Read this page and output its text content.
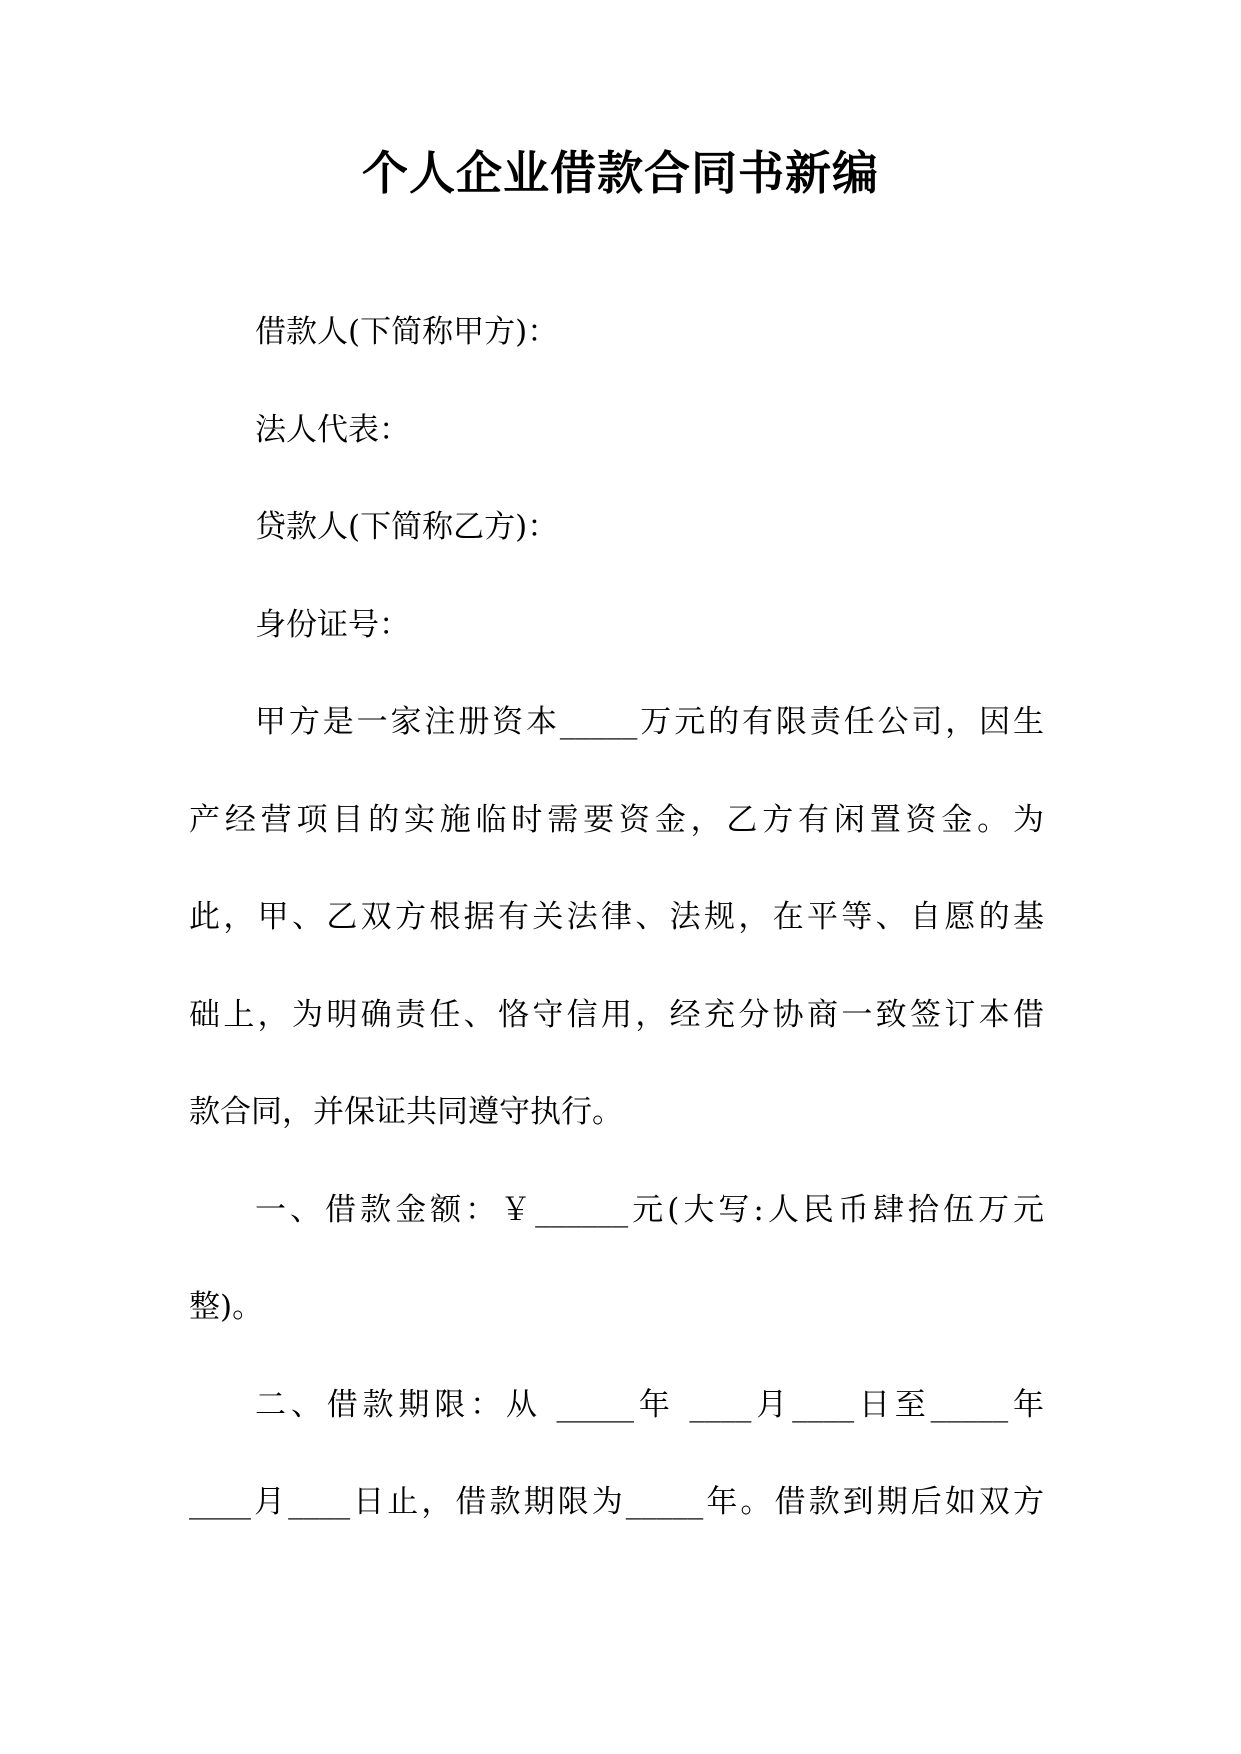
个人企业借款合同书新编
借款人(下简称甲方)：
法人代表：
贷款人(下简称乙方)：
身份证号：
甲方是一家注册资本_____万元的有限责任公司，因生
产经营项目的实施临时需要资金，乙方有闲置资金。为
此，甲、乙双方根据有关法律、法规，在平等、自愿的基
础上，为明确责任、恪守信用，经充分协商一致签订本借
款合同，并保证共同遵守执行。
一、借款金额：￥______元(大写:人民币肆拾伍万元
整)。
二、借款期限：从 _____年 ____月____日至_____年
____月____日止，借款期限为_____年。借款到期后如双方
